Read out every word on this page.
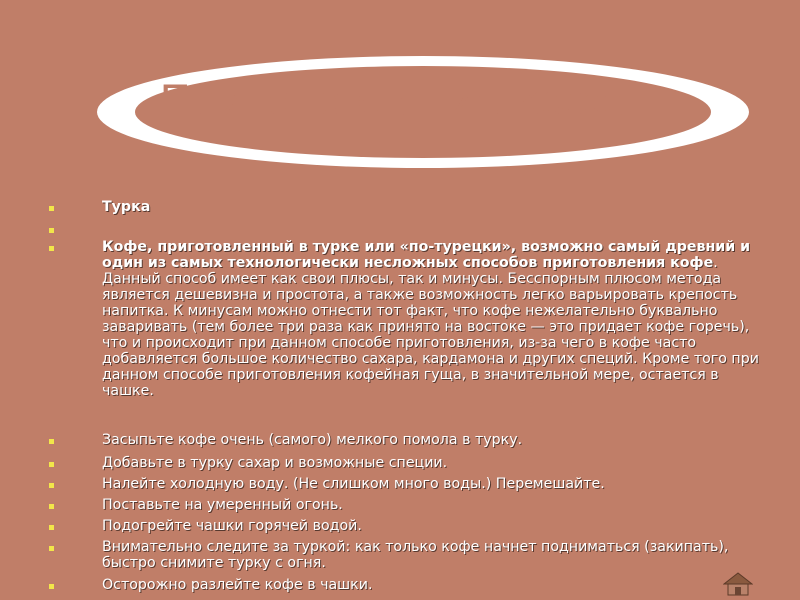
Приготовление кофе.
Турка
Кофе, приготовленный в турке или «по-турецки», возможно самый древний и один из самых технологически несложных способов приготовления кофе. Данный способ имеет как свои плюсы, так и минусы. Бесспорным плюсом метода является дешевизна и простота, а также возможность легко варьировать крепость напитка. К минусам можно отнести тот факт, что кофе нежелательно буквально заваривать (тем более три раза как принято на востоке — это придает кофе горечь), что и происходит при данном способе приготовления, из-за чего в кофе часто добавляется большое количество сахара, кардамона и других специй. Кроме того при данном способе приготовления кофейная гуща, в значительной мере, остается в чашке.
Засыпьте кофе очень (самого) мелкого помола в турку.
Добавьте в турку сахар и возможные специи.
Налейте холодную воду. (Не слишком много воды.) Перемешайте.
Поставьте на умеренный огонь.
Подогрейте чашки горячей водой.
Внимательно следите за туркой: как только кофе начнет подниматься (закипать), быстро снимите турку с огня.
Осторожно разлейте кофе в чашки.
